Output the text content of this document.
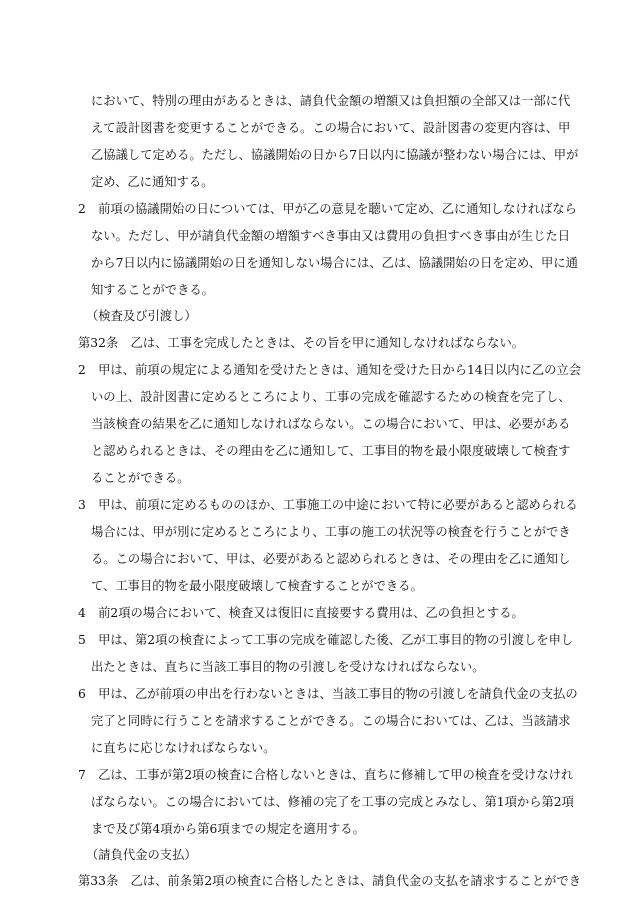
において、特別の理由があるときは、請負代金額の増額又は負担額の全部又は一部に代
えて設計図書を変更することができる。この場合において、設計図書の変更内容は、甲
乙協議して定める。ただし、協議開始の日から7日以内に協議が整わない場合には、甲が
定め、乙に通知する。
2　前項の協議開始の日については、甲が乙の意見を聴いて定め、乙に通知しなければなら
ない。ただし、甲が請負代金額の増額すべき事由又は費用の負担すべき事由が生じた日
から7日以内に協議開始の日を通知しない場合には、乙は、協議開始の日を定め、甲に通
知することができる。
（検査及び引渡し）
第32条　乙は、工事を完成したときは、その旨を甲に通知しなければならない。
2　甲は、前項の規定による通知を受けたときは、通知を受けた日から14日以内に乙の立会
いの上、設計図書に定めるところにより、工事の完成を確認するための検査を完了し、
当該検査の結果を乙に通知しなければならない。この場合において、甲は、必要がある
と認められるときは、その理由を乙に通知して、工事目的物を最小限度破壊して検査す
ることができる。
3　甲は、前項に定めるもののほか、工事施工の中途において特に必要があると認められる
場合には、甲が別に定めるところにより、工事の施工の状況等の検査を行うことができ
る。この場合において、甲は、必要があると認められるときは、その理由を乙に通知し
て、工事目的物を最小限度破壊して検査することができる。
4　前2項の場合において、検査又は復旧に直接要する費用は、乙の負担とする。
5　甲は、第2項の検査によって工事の完成を確認した後、乙が工事目的物の引渡しを申し
出たときは、直ちに当該工事目的物の引渡しを受けなければならない。
6　甲は、乙が前項の申出を行わないときは、当該工事目的物の引渡しを請負代金の支払の
完了と同時に行うことを請求することができる。この場合においては、乙は、当該請求
に直ちに応じなければならない。
7　乙は、工事が第2項の検査に合格しないときは、直ちに修補して甲の検査を受けなけれ
ばならない。この場合においては、修補の完了を工事の完成とみなし、第1項から第2項
まで及び第4項から第6項までの規定を適用する。
（請負代金の支払）
第33条　乙は、前条第2項の検査に合格したときは、請負代金の支払を請求することができ
